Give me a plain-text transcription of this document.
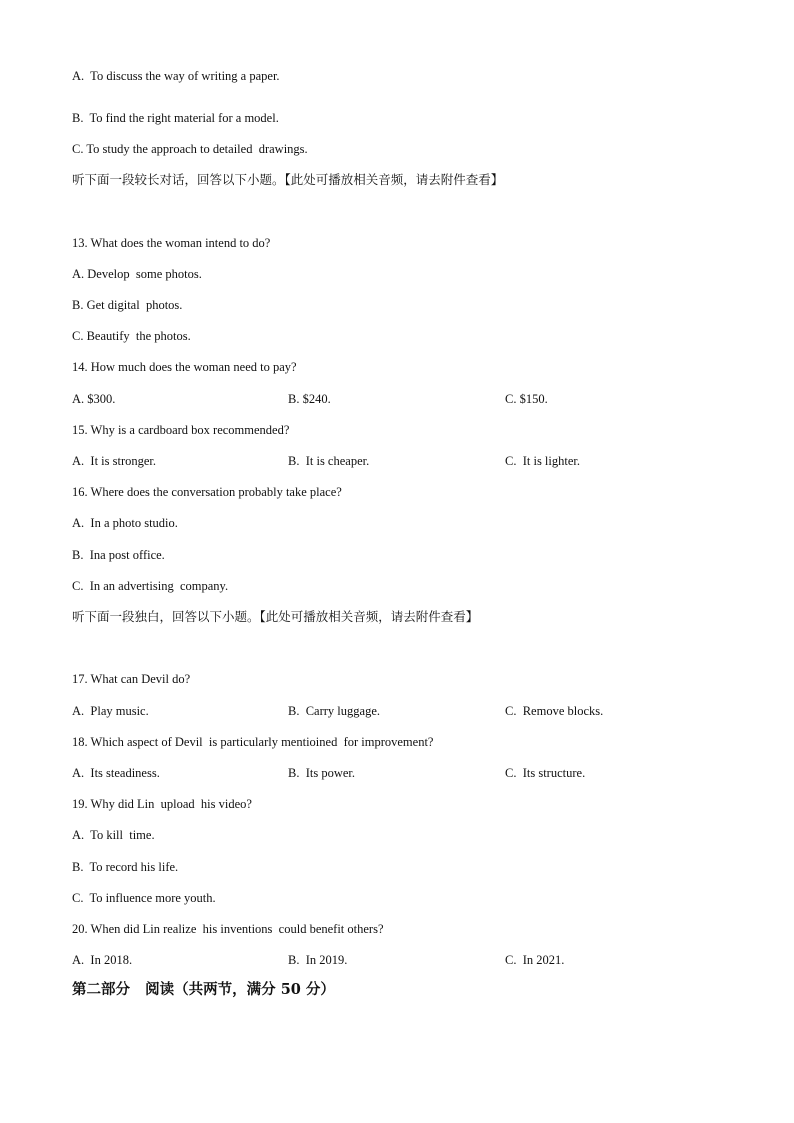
A.  To discuss the way of writing a paper.
B.  To find the right material for a model.
C. To study the approach to detailed  drawings.
听下面一段较长对话，回答以下小题。【此处可播放相关音频，请去附件查看】
13. What does the woman intend to do?
A. Develop  some photos.
B. Get digital  photos.
C. Beautify  the photos.
14. How much does the woman need to pay?
A. $300.	B. $240.	C. $150.
15. Why is a cardboard box recommended?
A.  It is stronger.	B.  It is cheaper.	C.  It is lighter.
16. Where does the conversation probably take place?
A.  In a photo studio.
B.  Ina post office.
C.  In an advertising  company.
听下面一段独白，回答以下小题。【此处可播放相关音频，请去附件查看】
17. What can Devil do?
A.  Play music.	B.  Carry luggage.	C.  Remove blocks.
18. Which aspect of Devil  is particularly mentioined  for improvement?
A.  Its steadiness.	B.  Its power.	C.  Its structure.
19. Why did Lin  upload  his video?
A.  To kill  time.
B.  To record his life.
C.  To influence more youth.
20. When did Lin realize  his inventions  could benefit others?
A.  In 2018.	B.  In 2019.	C.  In 2021.
第二部分   阅读（共两节，满分 50 分）
